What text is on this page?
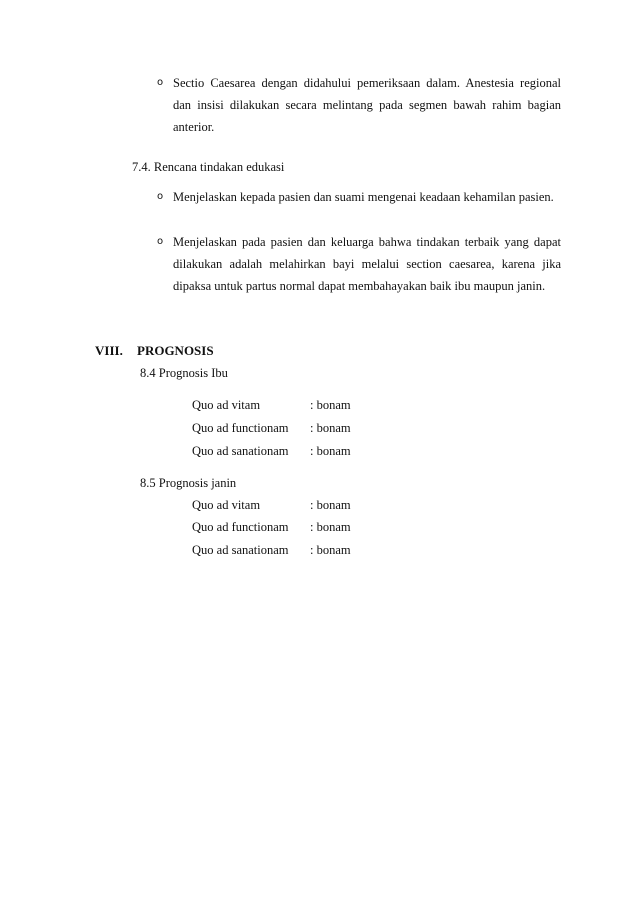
o Sectio Caesarea dengan didahului pemeriksaan dalam. Anestesia regional dan insisi dilakukan secara melintang pada segmen bawah rahim bagian anterior.
7.4. Rencana tindakan edukasi
o Menjelaskan kepada pasien dan suami mengenai keadaan kehamilan pasien.
o Menjelaskan pada pasien dan keluarga bahwa tindakan terbaik yang dapat dilakukan adalah melahirkan bayi melalui section caesarea, karena jika dipaksa untuk partus normal dapat membahayakan baik ibu maupun janin.
VIII. PROGNOSIS
8.4 Prognosis Ibu
Quo ad vitam	: bonam
Quo ad functionam : bonam
Quo ad sanationam : bonam
8.5 Prognosis janin
Quo ad vitam	: bonam
Quo ad functionam : bonam
Quo ad sanationam : bonam
